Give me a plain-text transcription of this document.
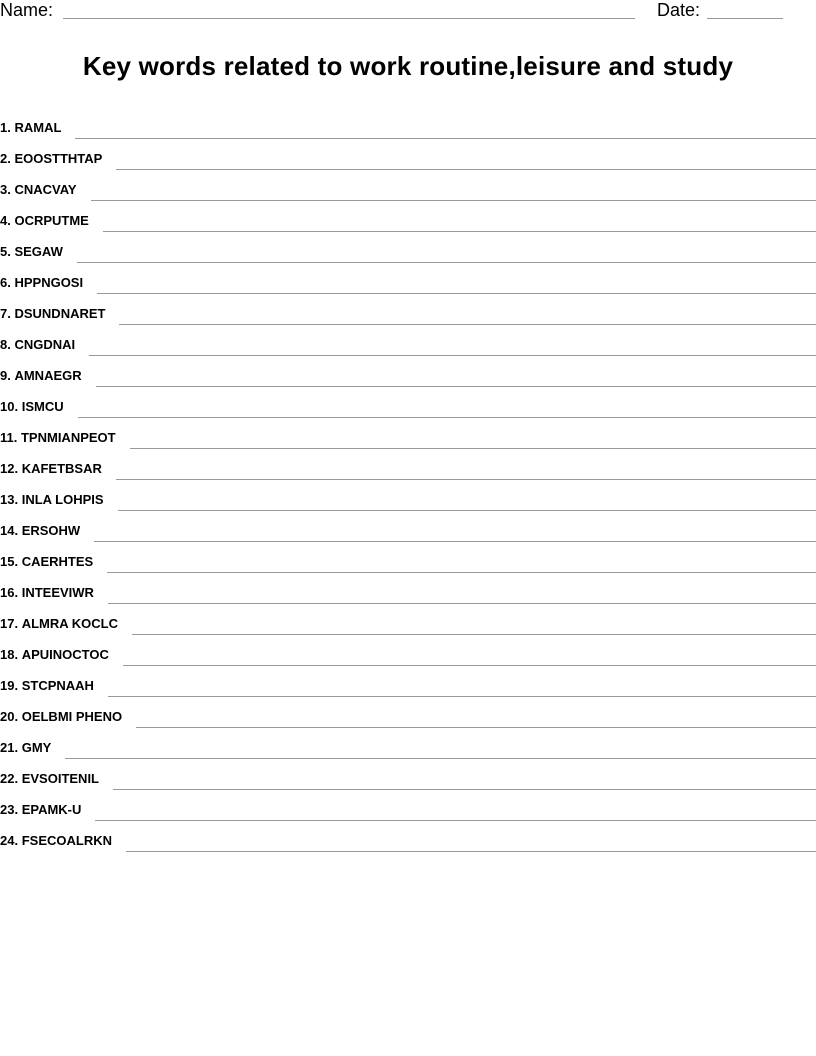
Name:	Date:
Key words related to work routine,leisure and study
1.
RAMAL
2.
EOOSTTHTAP
3.
CNACVAY
4.
OCRPUTME
5.
SEGAW
6.
HPPNGOSI
7.
DSUNDNARET
8.
CNGDNAI
9.
AMNAEGR
10.
ISMCU
11.
TPNMIANPEOT
12.
KAFETBSAR
13.
INLA LOHPIS
14.
ERSOHW
15.
CAERHTES
16.
INTEEVIWR
17.
ALMRA KOCLC
18.
APUINOCTOC
19.
STCPNAAH
20.
OELBMI PHENO
21.
GMY
22.
EVSOITENIL
23.
EPAMK-U
24.
FSECOALRKN
